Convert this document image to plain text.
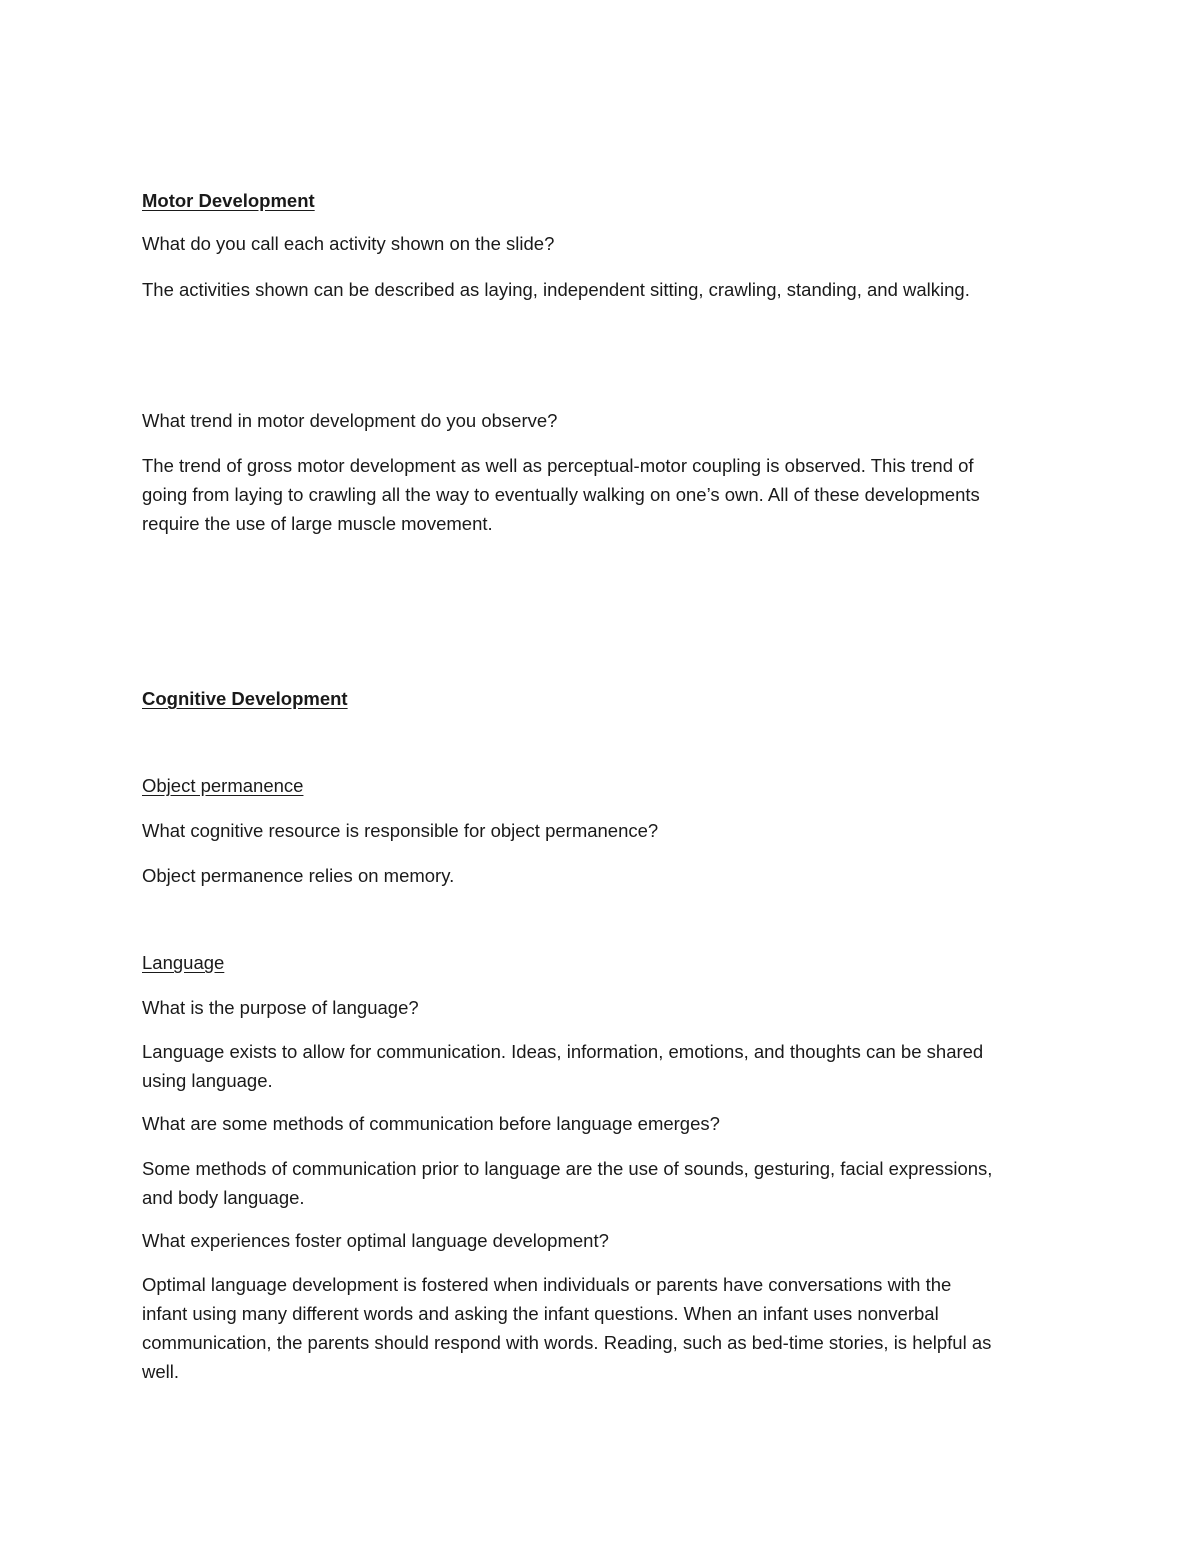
Motor Development

What do you call each activity shown on the slide?

The activities shown can be described as laying, independent sitting, crawling, standing, and walking.

What trend in motor development do you observe?

The trend of gross motor development as well as perceptual-motor coupling is observed. This trend of

going from laying to crawling all the way to eventually walking on one’s own. All of these developments

require the use of large muscle movement.

Cognitive Development

Object permanence

What cognitive resource is responsible for object permanence?

Object permanence relies on memory.

Language

What is the purpose of language?

Language exists to allow for communication. Ideas, information, emotions, and thoughts can be shared

using language.

What are some methods of communication before language emerges?

Some methods of communication prior to language are the use of sounds, gesturing, facial expressions,

and body language.

What experiences foster optimal language development?

Optimal language development is fostered when individuals or parents have conversations with the

infant using many different words and asking the infant questions. When an infant uses nonverbal

communication, the parents should respond with words. Reading, such as bed-time stories, is helpful as

well.
